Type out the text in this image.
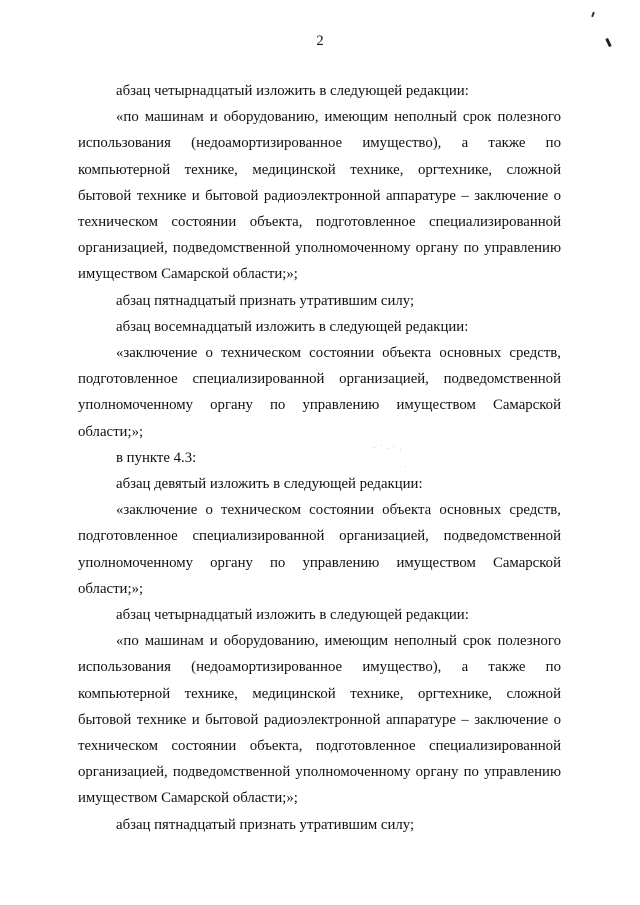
2

абзац четырнадцатый изложить в следующей редакции:

«по машинам и оборудованию, имеющим неполный срок полезного использования (недоамортизированное имущество), а также по компьютерной технике, медицинской технике, оргтехнике, сложной бытовой технике и бытовой радиоэлектронной аппаратуре – заключение о техническом состоянии объекта, подготовленное специализированной организацией, подведомственной уполномоченному органу по управлению имуществом Самарской области;»;

абзац пятнадцатый признать утратившим силу;

абзац восемнадцатый изложить в следующей редакции:

«заключение о техническом состоянии объекта основных средств, подготовленное специализированной организацией, подведомственной уполномоченному органу по управлению имуществом Самарской области;»;

в пункте 4.3:

абзац девятый изложить в следующей редакции:

«заключение о техническом состоянии объекта основных средств, подготовленное специализированной организацией, подведомственной уполномоченному органу по управлению имуществом Самарской области;»;

абзац четырнадцатый изложить в следующей редакции:

«по машинам и оборудованию, имеющим неполный срок полезного использования (недоамортизированное имущество), а также по компьютерной технике, медицинской технике, оргтехнике, сложной бытовой технике и бытовой радиоэлектронной аппаратуре – заключение о техническом состоянии объекта, подготовленное специализированной организацией, подведомственной уполномоченному органу по управлению имуществом Самарской области;»;

абзац пятнадцатый признать утратившим силу;
